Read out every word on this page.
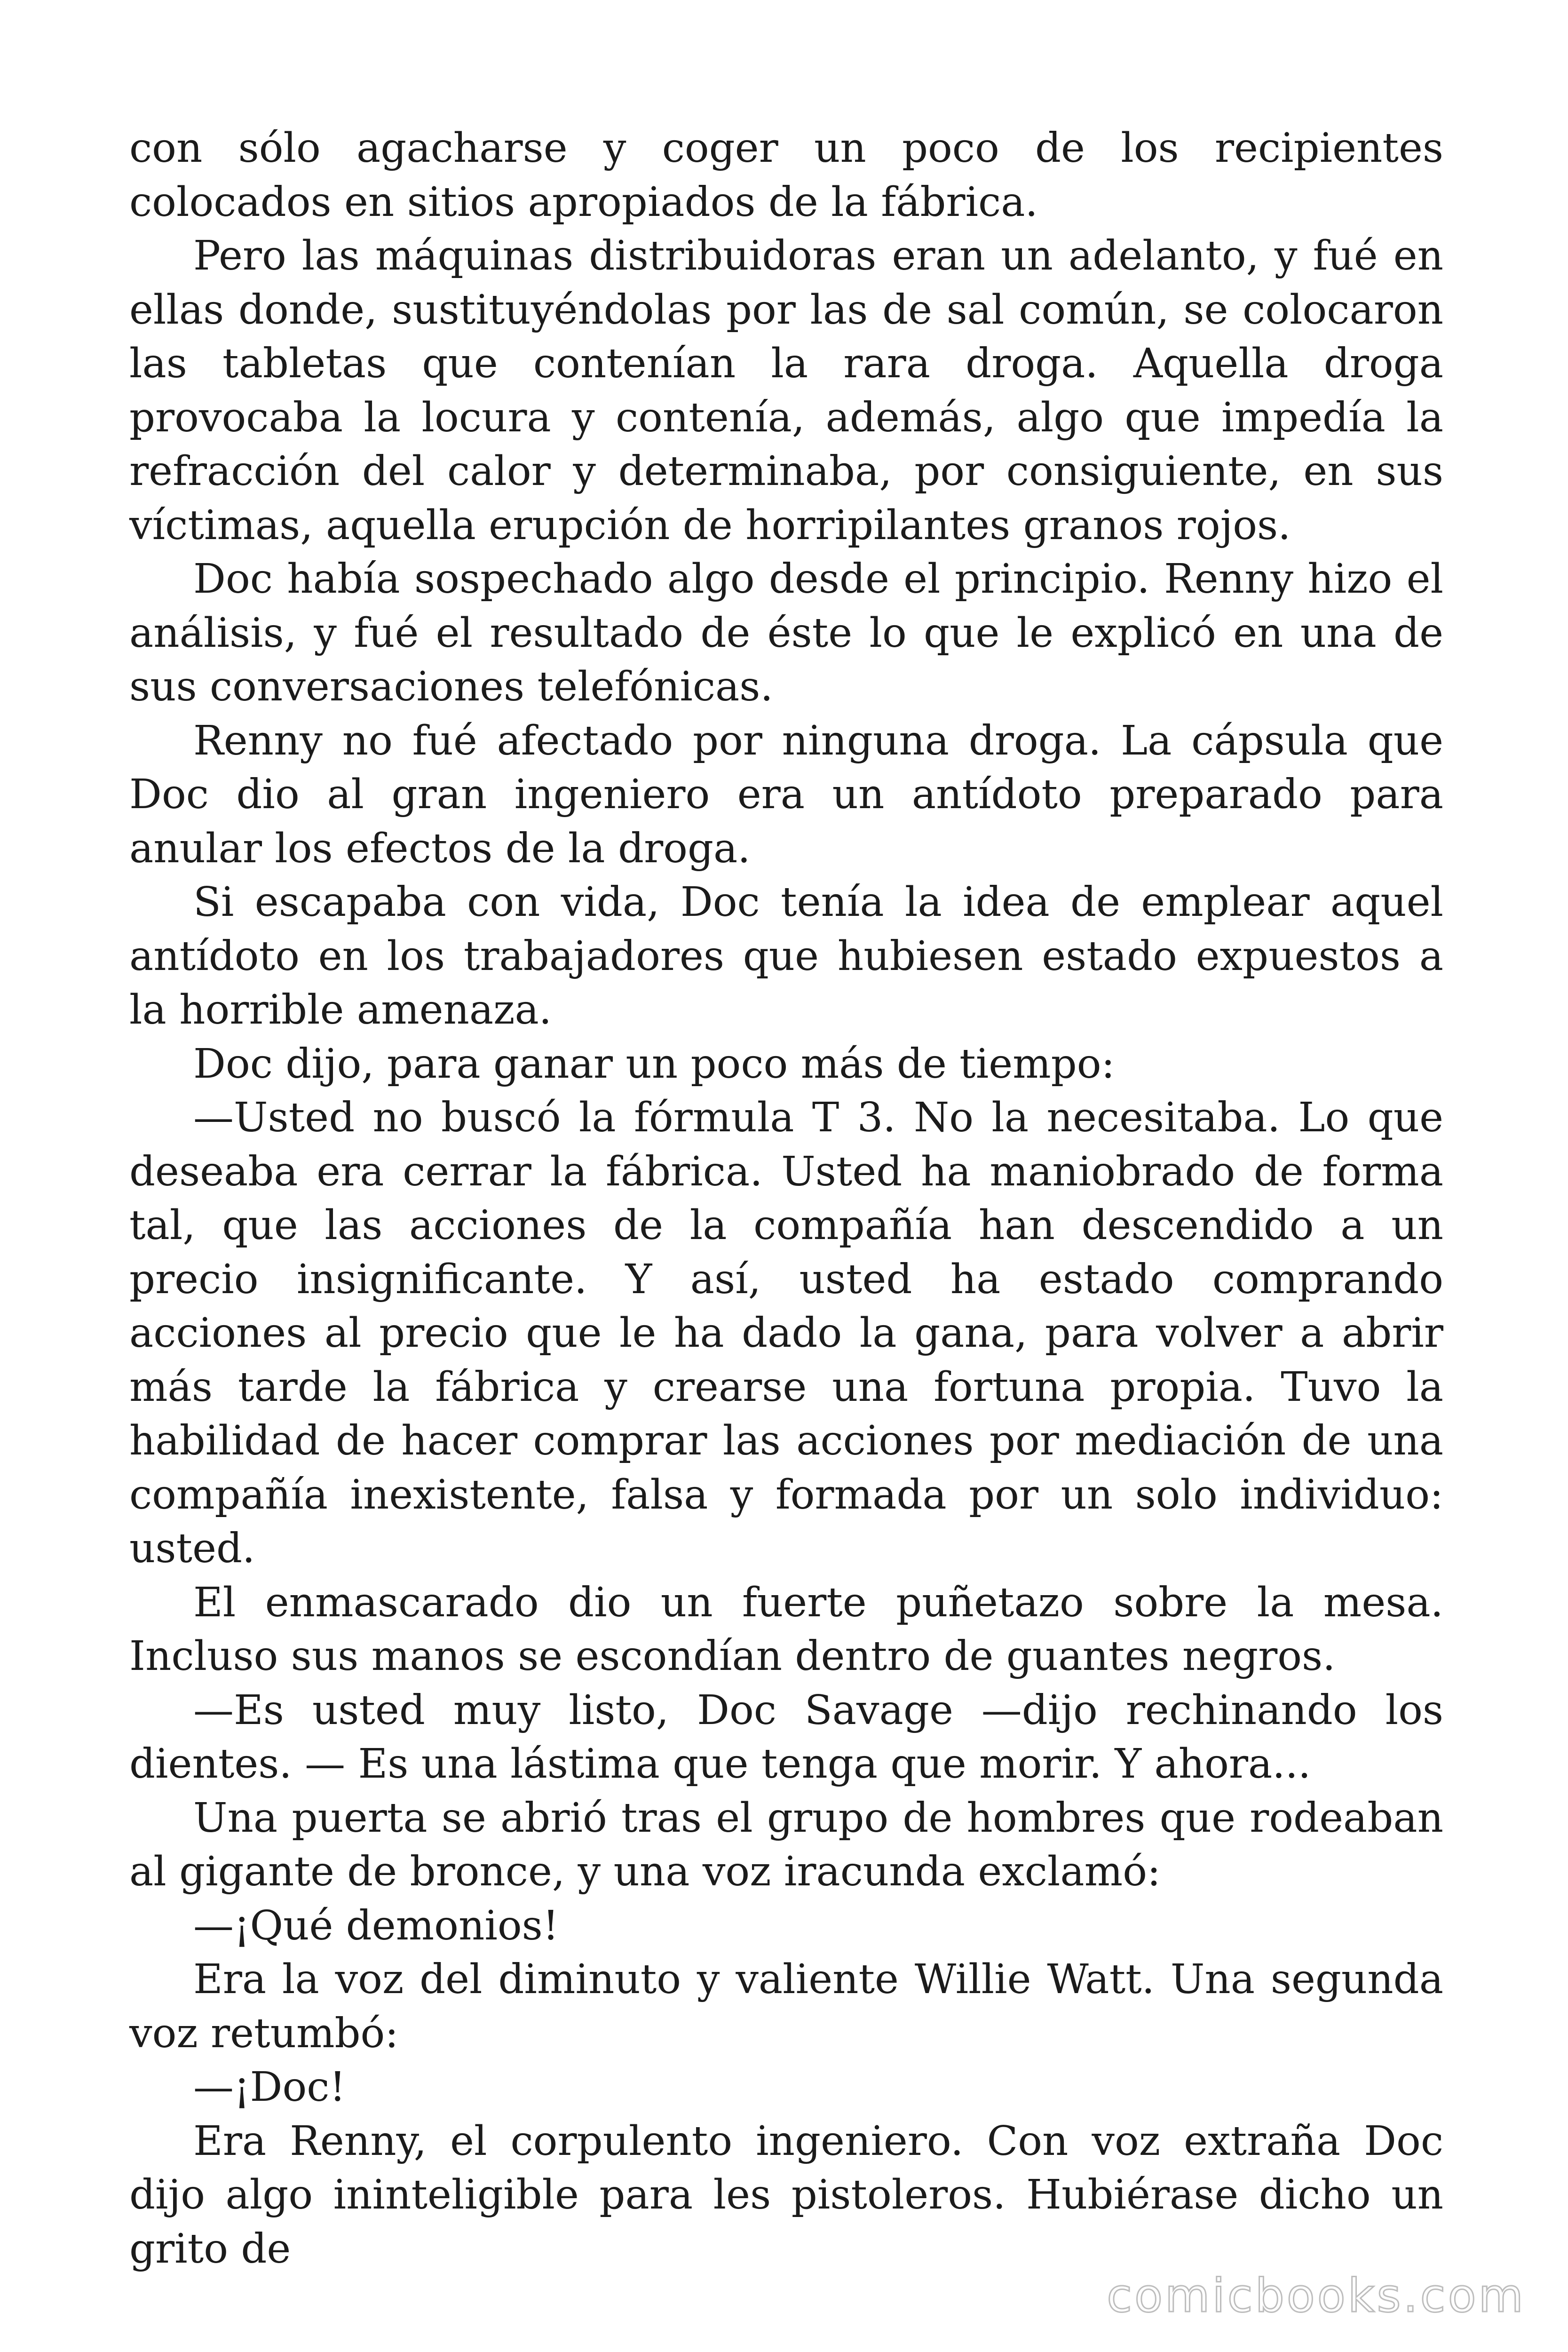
con sólo agacharse y coger un poco de los recipientes colocados en sitios apropiados de la fábrica.

Pero las máquinas distribuidoras eran un adelanto, y fué en ellas donde, sustituyéndolas por las de sal común, se colocaron las tabletas que contenían la rara droga. Aquella droga provocaba la locura y contenía, además, algo que impedía la refracción del calor y determinaba, por consiguiente, en sus víctimas, aquella erupción de horripilantes granos rojos.

Doc había sospechado algo desde el principio. Renny hizo el análisis, y fué el resultado de éste lo que le explicó en una de sus conversaciones telefónicas.

Renny no fué afectado por ninguna droga. La cápsula que Doc dio al gran ingeniero era un antídoto preparado para anular los efectos de la droga.

Si escapaba con vida, Doc tenía la idea de emplear aquel antídoto en los trabajadores que hubiesen estado expuestos a la horrible amenaza.

Doc dijo, para ganar un poco más de tiempo:

—Usted no buscó la fórmula T 3. No la necesitaba. Lo que deseaba era cerrar la fábrica. Usted ha maniobrado de forma tal, que las acciones de la compañía han descendido a un precio insignificante. Y así, usted ha estado comprando acciones al precio que le ha dado la gana, para volver a abrir más tarde la fábrica y crearse una fortuna propia. Tuvo la habilidad de hacer comprar las acciones por mediación de una compañía inexistente, falsa y formada por un solo individuo: usted.

El enmascarado dio un fuerte puñetazo sobre la mesa. Incluso sus manos se escondían dentro de guantes negros.

—Es usted muy listo, Doc Savage —dijo rechinando los dientes. — Es una lástima que tenga que morir. Y ahora...

Una puerta se abrió tras el grupo de hombres que rodeaban al gigante de bronce, y una voz iracunda exclamó:

—¡Qué demonios!

Era la voz del diminuto y valiente Willie Watt. Una segunda voz retumbó:

—¡Doc!

Era Renny, el corpulento ingeniero. Con voz extraña Doc dijo algo ininteligible para les pistoleros. Hubiérase dicho un grito de

comicbooks.com
